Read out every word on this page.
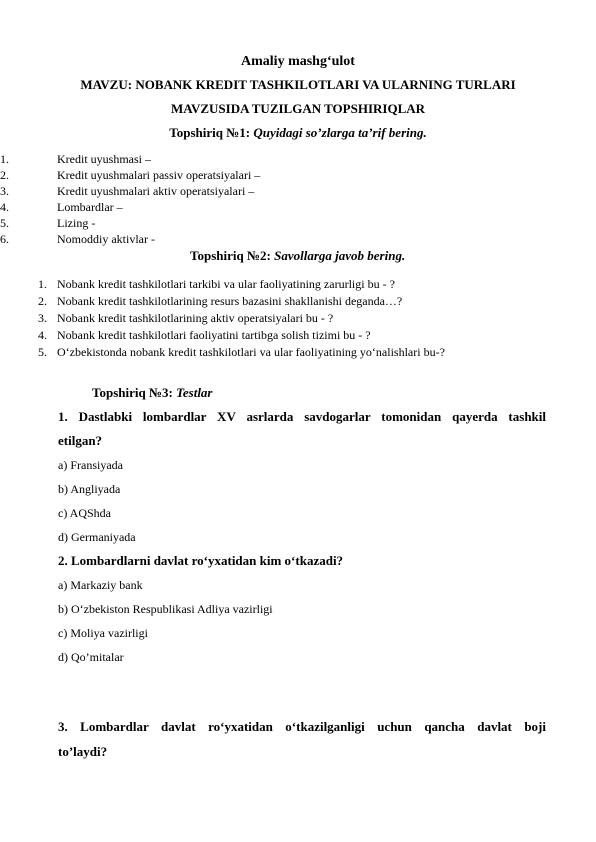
Amaliy mashg‘ulot
MAVZU: NOBANK KREDIT TASHKILOTLARI VA ULARNING TURLARI
MAVZUSIDA TUZILGAN TOPSHIRIQLAR
Topshiriq №1: Quyidagi so’zlarga ta’rif bering.
1.	Kredit uyushmasi –
2.	Kredit uyushmalari passiv operatsiyalari –
3.	Kredit uyushmalari aktiv operatsiyalari –
4.	Lombardlar –
5.	Lizing -
6.	Nomoddiy aktivlar -
Topshiriq №2: Savollarga javob bering.
1. Nobank kredit tashkilotlari tarkibi va ular faoliyatining zarurligi bu - ?
2. Nobank kredit tashkilotlarining resurs bazasini shakllanishi deganda…?
3. Nobank kredit tashkilotlarining aktiv operatsiyalari bu - ?
4. Nobank kredit tashkilotlari faoliyatini tartibga solish tizimi bu - ?
5. O‘zbekistonda nobank kredit tashkilotlari va ular faoliyatining yo‘nalishlari bu-?
Topshiriq №3: Testlar
1. Dastlabki lombardlar XV asrlarda savdogarlar tomonidan qayerda tashkil
etilgan?
a) Fransiyada
b) Angliyada
c) AQShda
d) Germaniyada
2. Lombardlarni davlat ro‘yxatidan kim o‘tkazadi?
a) Markaziy bank
b) O‘zbekiston Respublikasi Adliya vazirligi
c) Moliya vazirligi
d) Qo’mitalar
3. Lombardlar davlat ro‘yxatidan o‘tkazilganligi uchun qancha davlat boji
to’laydi?
